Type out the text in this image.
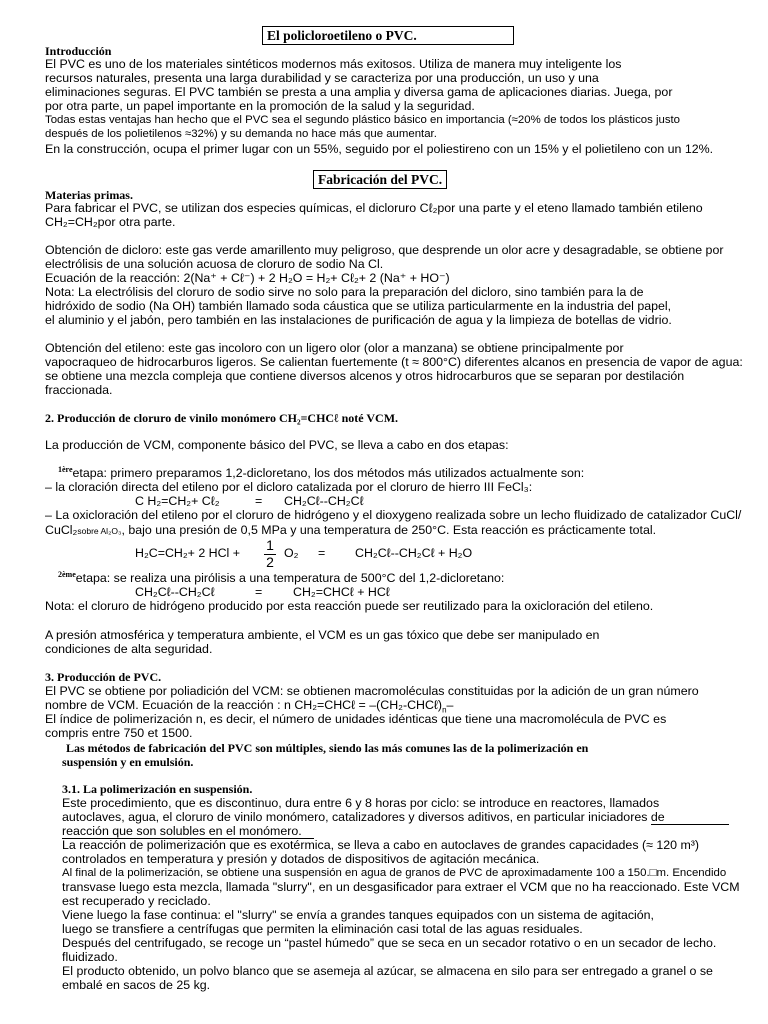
El policloroetileno o PVC.
Introducción
El PVC es uno de los materiales sintéticos modernos más exitosos. Utiliza de manera muy inteligente los
recursos naturales, presenta una larga durabilidad y se caracteriza por una producción, un uso y una
eliminaciones seguras. El PVC también se presta a una amplia y diversa gama de aplicaciones diarias. Juega, por
por otra parte, un papel importante en la promoción de la salud y la seguridad.
Todas estas ventajas han hecho que el PVC sea el segundo plástico básico en importancia (≈20% de todos los plásticos justo
después de los polietilenos ≈32%) y su demanda no hace más que aumentar.
En la construcción, ocupa el primer lugar con un 55%, seguido por el poliestireno con un 15% y el polietileno con un 12%.
Fabricación del PVC.
Materias primas.
Para fabricar el PVC, se utilizan dos especies químicas, el dicloruro Cℓ₂por una parte y el eteno llamado también etileno
CH₂=CH₂por otra parte.
Obtención de dicloro: este gas verde amarillento muy peligroso, que desprende un olor acre y desagradable, se obtiene por
electrólisis de una solución acuosa de cloruro de sodio Na Cl.
Ecuación de la reacción: 2(Na⁺ + Cℓ⁻) + 2 H₂O = H₂+ Cℓ₂+ 2 (Na⁺ + HO⁻)
Nota: La electrólisis del cloruro de sodio sirve no solo para la preparación del dicloro, sino también para la de
hidróxido de sodio (Na OH) también llamado soda cáustica que se utiliza particularmente en la industria del papel,
el aluminio y el jabón, pero también en las instalaciones de purificación de agua y la limpieza de botellas de vidrio.
Obtención del etileno: este gas incoloro con un ligero olor (olor a manzana) se obtiene principalmente por
vapocraqueo de hidrocarburos ligeros. Se calientan fuertemente (t ≈ 800°C) diferentes alcanos en presencia de vapor de agua:
se obtiene una mezcla compleja que contiene diversos alcenos y otros hidrocarburos que se separan por destilación
fraccionada.
2. Producción de cloruro de vinilo monómero CH₂=CHCℓ noté VCM.
La producción de VCM, componente básico del PVC, se lleva a cabo en dos etapas:
$^{1ère}$etapa: primero preparamos 1,2-dicloretano, los dos métodos más utilizados actualmente son:
– la cloración directa del etileno por el dicloro catalizada por el cloruro de hierro III FeCl₃:
C H₂=CH₂+ Cℓ₂	= CH₂Cℓ--CH₂Cℓ
– La oxicloración del etileno por el cloruro de hidrógeno y el dioxygeno realizada sobre un lecho fluidizado de catalizador CuCl/
CuCl₂sobre Al₂O₃, bajo una presión de 0,5 MPa y una temperatura de 250°C. Esta reacción es prácticamente total.
H₂C=CH₂+ 2 HCl + 1
2
O₂ = CH₂Cℓ--CH₂Cℓ + H₂O
$^{2ème}$etapa: se realiza una pirólisis a una temperatura de 500°C del 1,2-dicloretano:
CH₂Cℓ--CH₂Cℓ	= CH₂=CHCℓ + HCℓ
Nota: el cloruro de hidrógeno producido por esta reacción puede ser reutilizado para la oxicloración del etileno.
A presión atmosférica y temperatura ambiente, el VCM es un gas tóxico que debe ser manipulado en
condiciones de alta seguridad.
3. Producción de PVC.
El PVC se obtiene por poliadición del VCM: se obtienen macromoléculas constituidas por la adición de un gran número
nombre de VCM. Ecuación de la reacción : n CH₂=CHCℓ = $-(CH_2-CHC\ell)_n-$
El índice de polimerización n, es decir, el número de unidades idénticas que tiene una macromolécula de PVC es
compris entre 750 et 1500.
Las métodos de fabricación del PVC son múltiples, siendo las más comunes las de la polimerización en
suspensión y en emulsión.
3.1. La polimerización en suspensión.
Este procedimiento, que es discontinuo, dura entre 6 y 8 horas por ciclo: se introduce en reactores, llamados
autoclaves, agua, el cloruro de vinilo monómero, catalizadores y diversos aditivos, en particular iniciadores de
reacción que son solubles en el monómero.
La reacción de polimerización que es exotérmica, se lleva a cabo en autoclaves de grandes capacidades (≈ 120 m³)
controlados en temperatura y presión y dotados de dispositivos de agitación mecánica.
Al final de la polimerización, se obtiene una suspensión en agua de granos de PVC de aproximadamente 100 a 150.□m. Encendido
transvase luego esta mezcla, llamada "slurry", en un desgasificador para extraer el VCM que no ha reaccionado. Este VCM
est recuperado y reciclado.
Viene luego la fase continua: el "slurry" se envía a grandes tanques equipados con un sistema de agitación,
luego se transfiere a centrífugas que permiten la eliminación casi total de las aguas residuales.
Después del centrifugado, se recoge un “pastel húmedo” que se seca en un secador rotativo o en un secador de lecho.
fluidizado.
El producto obtenido, un polvo blanco que se asemeja al azúcar, se almacena en silo para ser entregado a granel o se
embalé en sacos de 25 kg.
